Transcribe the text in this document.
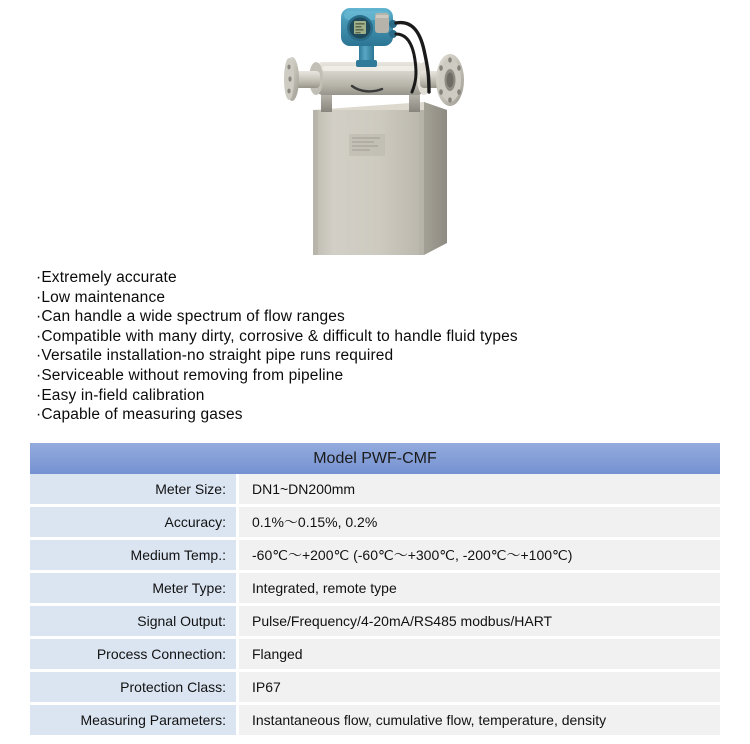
·Extremely accurate
·Low maintenance
·Can handle a wide spectrum of flow ranges
·Compatible with many dirty, corrosive & difficult to handle fluid types
·Versatile installation-no straight pipe runs required
·Serviceable without removing from pipeline
·Easy in-field calibration
·Capable of measuring gases
Model PWF-CMF		
Meter Size:		DN1~DN200mm

Accuracy:		0.1%～0.15%, 0.2%

Medium Temp.:		-60℃～+200℃ (-60℃～+300℃, -200℃～+100℃)

Meter Type:		Integrated, remote type

Signal Output:		Pulse/Frequency/4-20mA/RS485 modbus/HART

Process Connection:		Flanged

Protection Class:		IP67

Measuring Parameters:		Instantaneous flow, cumulative flow, temperature, density
